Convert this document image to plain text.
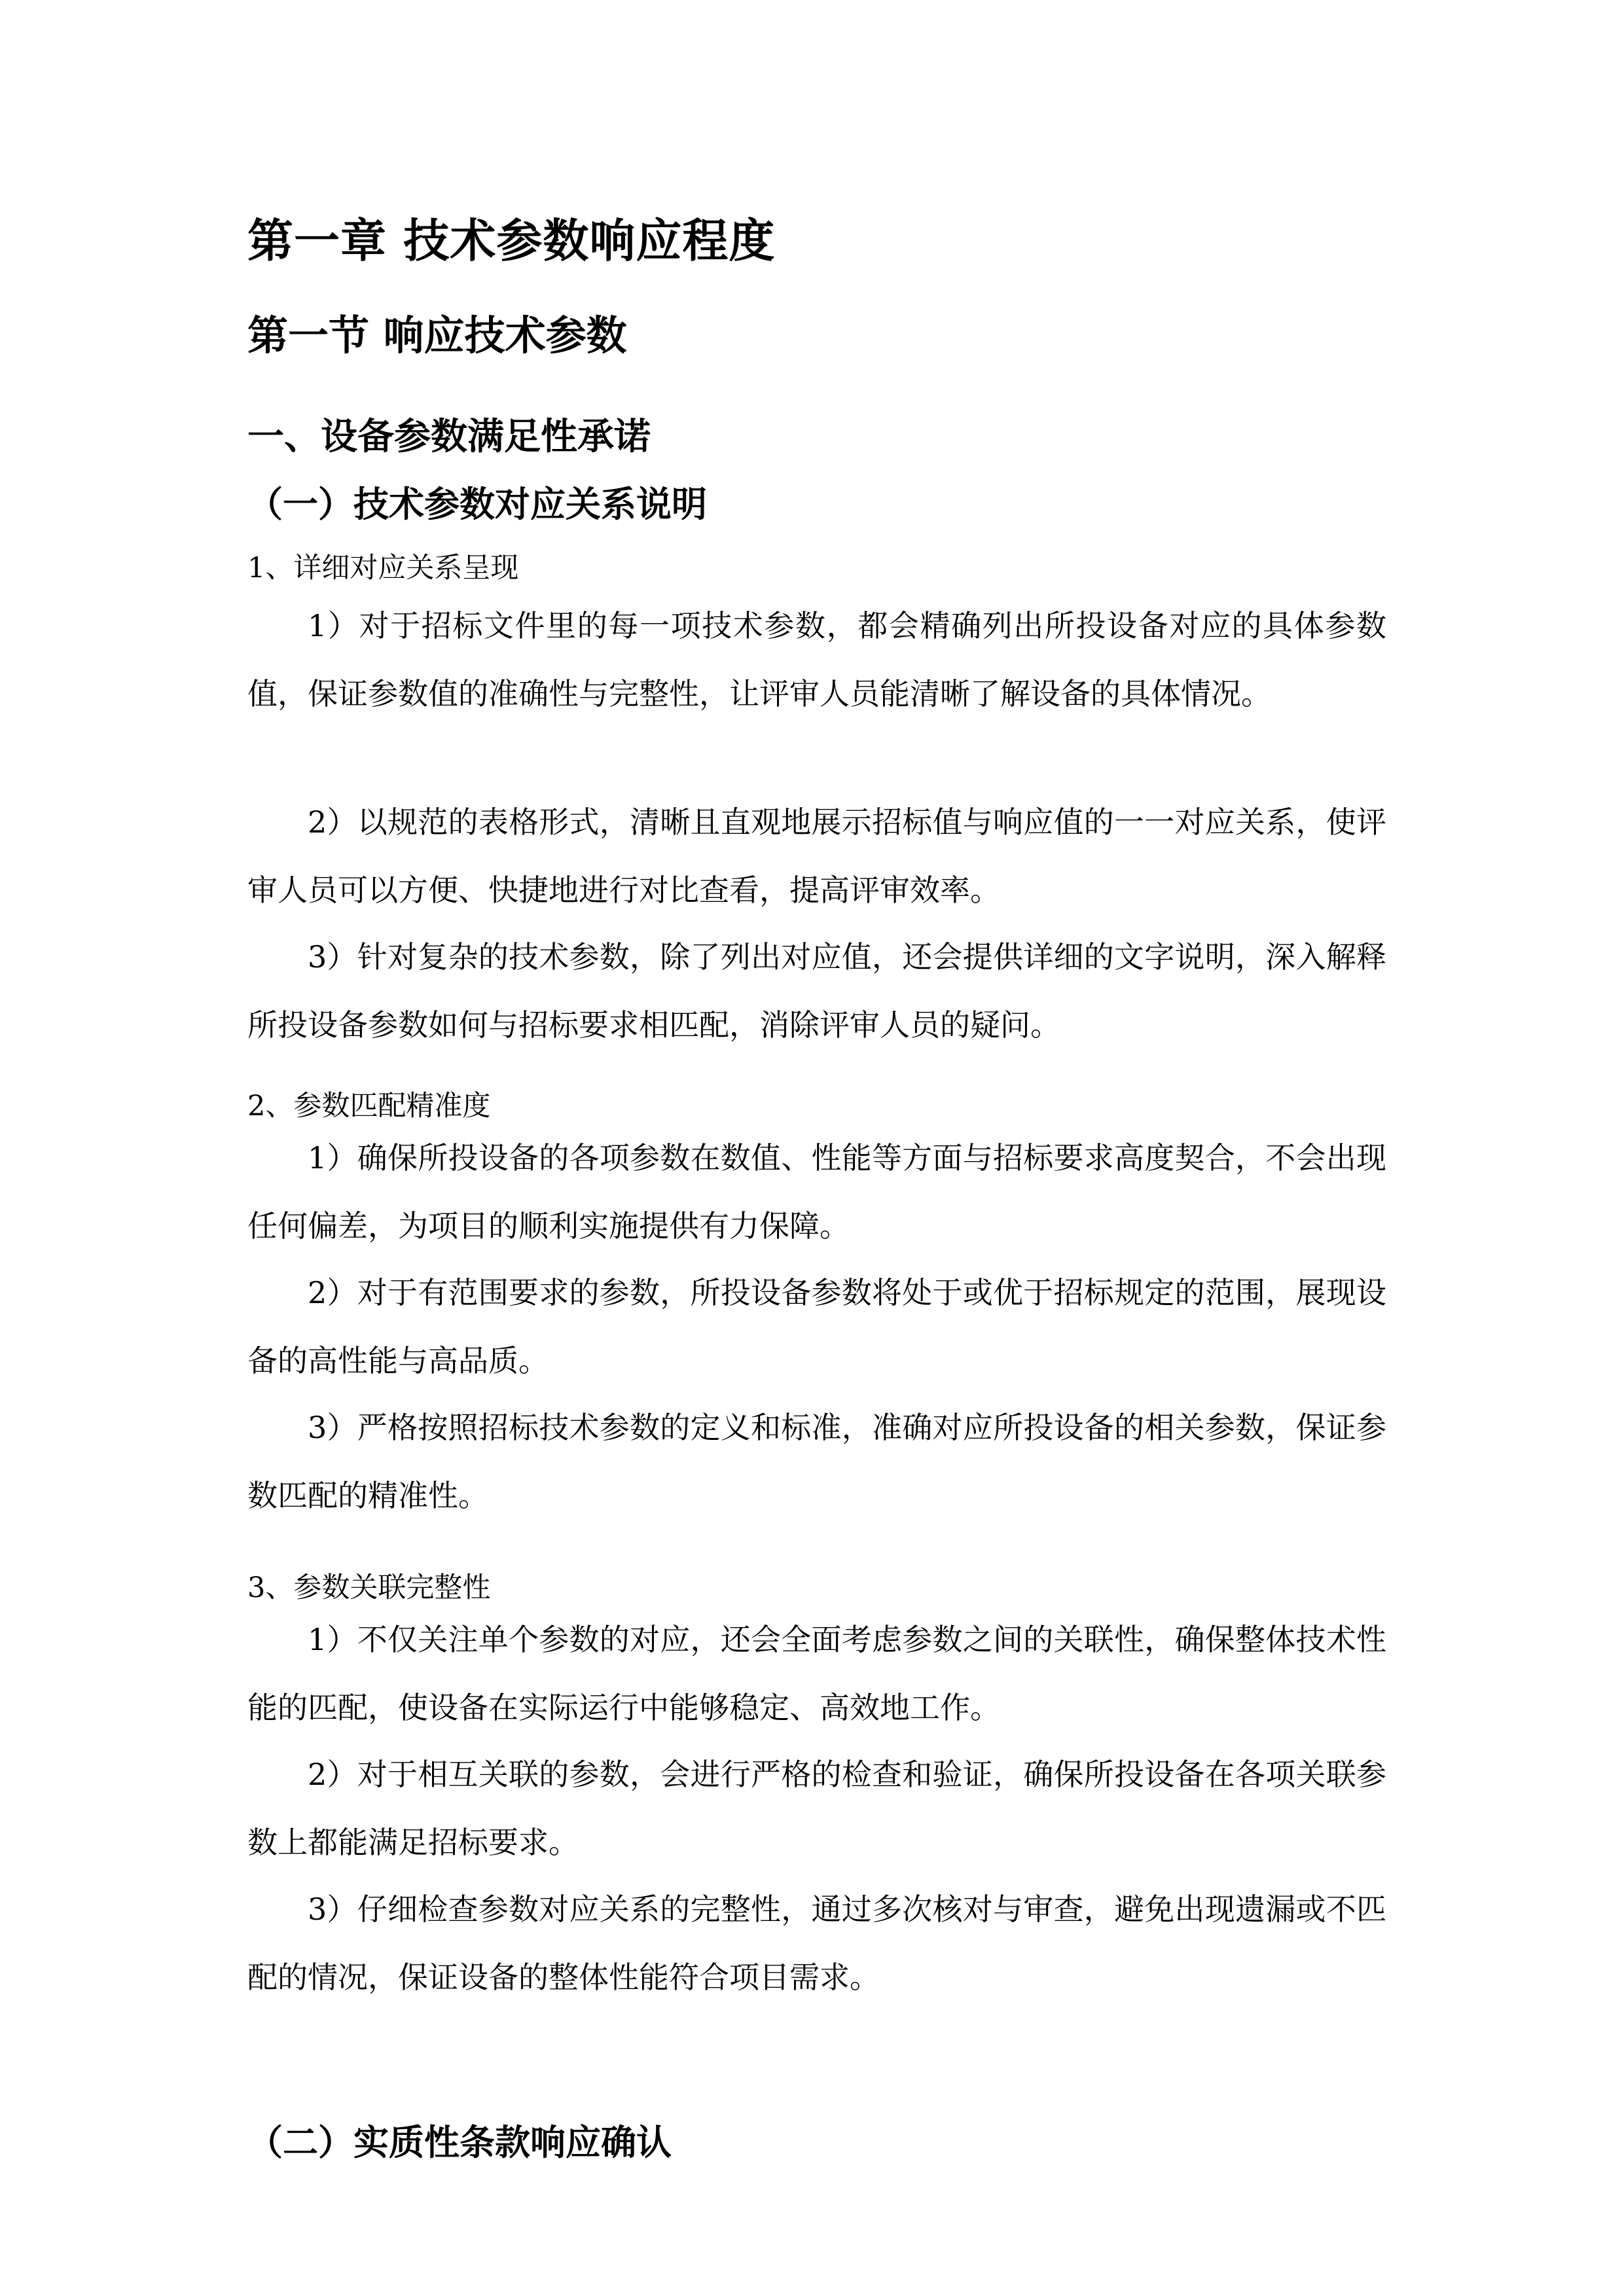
第一章 技术参数响应程度
第一节 响应技术参数
一、设备参数满足性承诺
（一）技术参数对应关系说明
1、详细对应关系呈现

1）对于招标文件里的每一项技术参数，都会精确列出所投设备对应的具体参数值，保证参数值的准确性与完整性，让评审人员能清晰了解设备的具体情况。

2）以规范的表格形式，清晰且直观地展示招标值与响应值的一一对应关系，使评审人员可以方便、快捷地进行对比查看，提高评审效率。

3）针对复杂的技术参数，除了列出对应值，还会提供详细的文字说明，深入解释所投设备参数如何与招标要求相匹配，消除评审人员的疑问。

2、参数匹配精准度

1）确保所投设备的各项参数在数值、性能等方面与招标要求高度契合，不会出现任何偏差，为项目的顺利实施提供有力保障。

2）对于有范围要求的参数，所投设备参数将处于或优于招标规定的范围，展现设备的高性能与高品质。

3）严格按照招标技术参数的定义和标准，准确对应所投设备的相关参数，保证参数匹配的精准性。

3、参数关联完整性

1）不仅关注单个参数的对应，还会全面考虑参数之间的关联性，确保整体技术性能的匹配，使设备在实际运行中能够稳定、高效地工作。

2）对于相互关联的参数，会进行严格的检查和验证，确保所投设备在各项关联参数上都能满足招标要求。

3）仔细检查参数对应关系的完整性，通过多次核对与审查，避免出现遗漏或不匹配的情况，保证设备的整体性能符合项目需求。

（二）实质性条款响应确认
